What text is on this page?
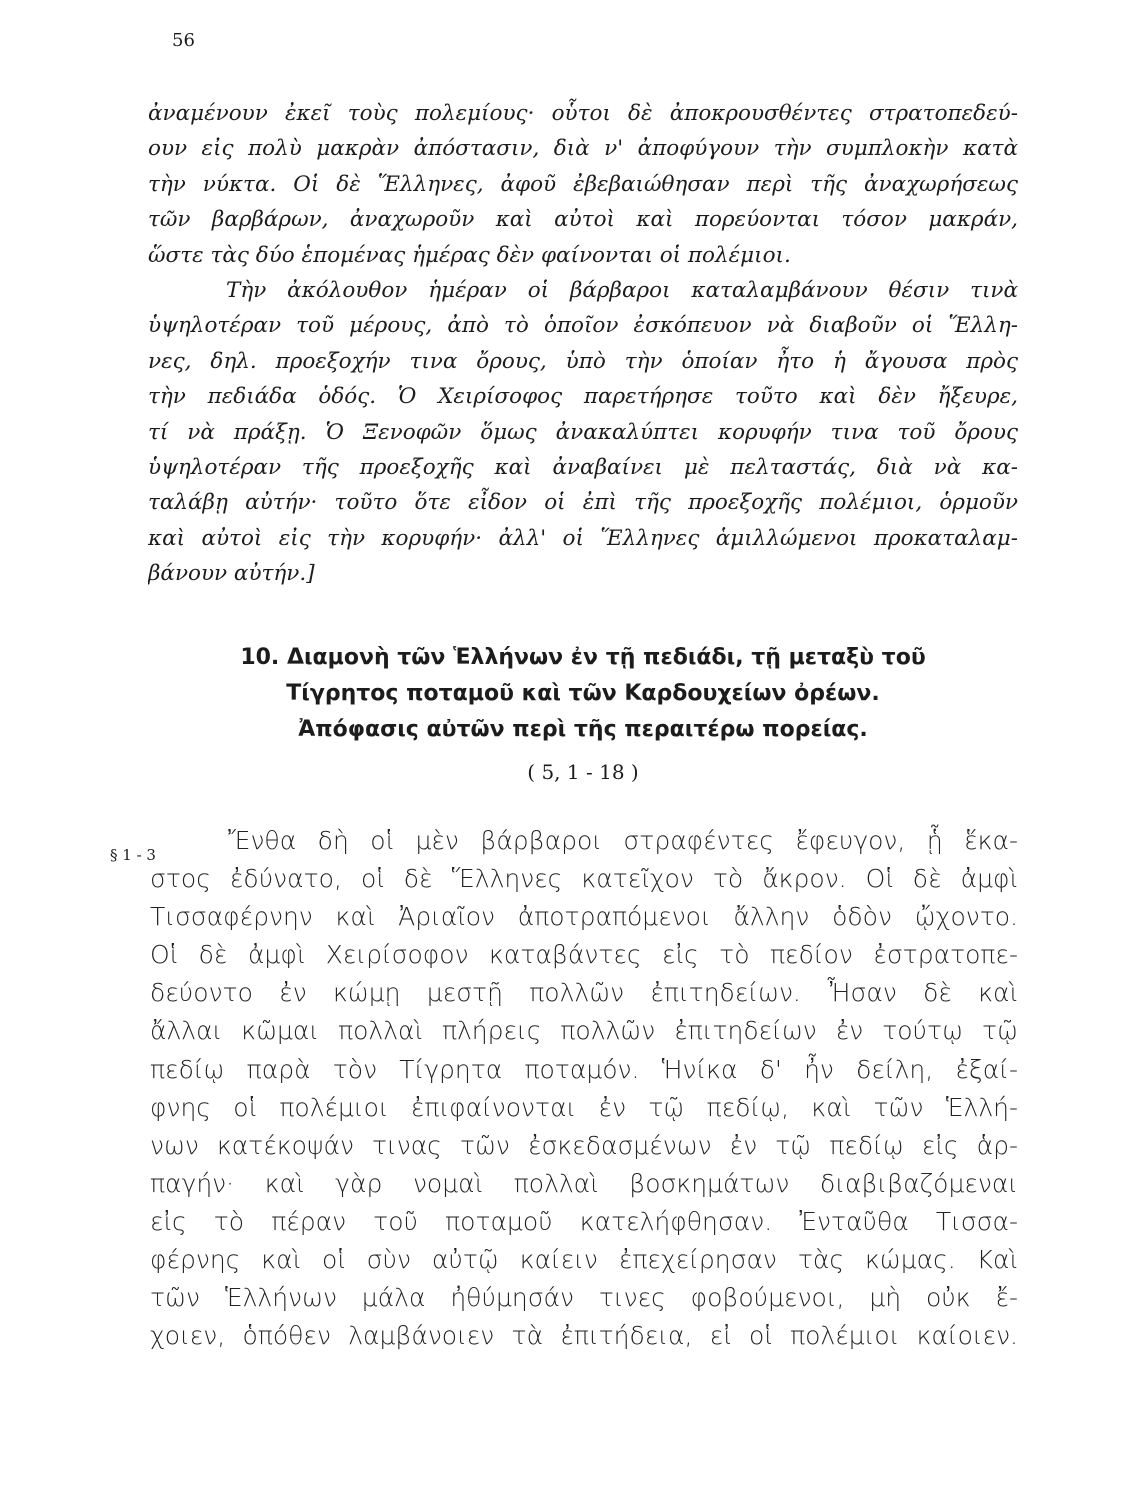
56
ἀναμένουν ἐκεῖ τοὺς πολεμίους· οὗτοι δὲ ἀποκρουσθέντες στρατοπεδεύ-
ουν εἰς πολὺ μακρὰν ἀπόστασιν, διὰ ν' ἀποφύγουν τὴν συμπλοκὴν κατὰ
τὴν νύκτα. Οἱ δὲ Ἕλληνες, ἀφοῦ ἐβεβαιώθησαν περὶ τῆς ἀναχωρήσεως
τῶν βαρβάρων, ἀναχωροῦν καὶ αὐτοὶ καὶ πορεύονται τόσον μακράν,
ὥστε τὰς δύο ἑπομένας ἡμέρας δὲν φαίνονται οἱ πολέμιοι.
Τὴν ἀκόλουθον ἡμέραν οἱ βάρβαροι καταλαμβάνουν θέσιν τινὰ
ὑψηλοτέραν τοῦ μέρους, ἀπὸ τὸ ὁποῖον ἐσκόπευον νὰ διαβοῦν οἱ Ἕλλη-
νες, δηλ. προεξοχήν τινα ὄρους, ὑπὸ τὴν ὁποίαν ἦτο ἡ ἄγουσα πρὸς
τὴν πεδιάδα ὁδός. Ὁ Χειρίσοφος παρετήρησε τοῦτο καὶ δὲν ἤξευρε,
τί νὰ πράξῃ. Ὁ Ξενοφῶν ὅμως ἀνακαλύπτει κορυφήν τινα τοῦ ὄρους
ὑψηλοτέραν τῆς προεξοχῆς καὶ ἀναβαίνει μὲ πελταστάς, διὰ νὰ κα-
ταλάβῃ αὐτήν· τοῦτο ὅτε εἶδον οἱ ἐπὶ τῆς προεξοχῆς πολέμιοι, ὁρμοῦν
καὶ αὐτοὶ εἰς τὴν κορυφήν· ἀλλ' οἱ Ἕλληνες ἁμιλλώμενοι προκαταλαμ-
βάνουν αὐτήν.]
10. Διαμονὴ τῶν Ἑλλήνων ἐν τῇ πεδιάδι, τῇ μεταξὺ τοῦ
Τίγρητος ποταμοῦ καὶ τῶν Καρδουχείων ὀρέων.
Ἀπόφασις αὐτῶν περὶ τῆς περαιτέρω πορείας.
( 5, 1 - 18 )
§ 1 - 3	Ἔνθα δὴ οἱ μὲν βάρβαροι στραφέντες ἔφευγον, ᾗ ἕκα-
στος ἐδύνατο, οἱ δὲ Ἕλληνες κατεῖχον τὸ ἄκρον. Οἱ δὲ ἀμφὶ
Τισσαφέρνην καὶ Ἀριαῖον ἀποτραπόμενοι ἄλλην ὁδὸν ᾤχοντο.
Οἱ δὲ ἀμφὶ Χειρίσοφον καταβάντες εἰς τὸ πεδίον ἐστρατοπε-
δεύοντο ἐν κώμῃ μεστῇ πολλῶν ἐπιτηδείων. Ἦσαν δὲ καὶ
ἄλλαι κῶμαι πολλαὶ πλήρεις πολλῶν ἐπιτηδείων ἐν τούτῳ τῷ
πεδίῳ παρὰ τὸν Τίγρητα ποταμόν. Ἡνίκα δ' ἦν δείλη, ἐξαί-
φνης οἱ πολέμιοι ἐπιφαίνονται ἐν τῷ πεδίῳ, καὶ τῶν Ἑλλή-
νων κατέκοψάν τινας τῶν ἐσκεδασμένων ἐν τῷ πεδίῳ εἰς ἁρ-
παγήν· καὶ γὰρ νομαὶ πολλαὶ βοσκημάτων διαβιβαζόμεναι
εἰς τὸ πέραν τοῦ ποταμοῦ κατελήφθησαν. Ἐνταῦθα Τισσα-
φέρνης καὶ οἱ σὺν αὐτῷ καίειν ἐπεχείρησαν τὰς κώμας. Καὶ
τῶν Ἑλλήνων μάλα ἠθύμησάν τινες φοβούμενοι, μὴ οὐκ ἔ-
χοιεν, ὁπόθεν λαμβάνοιεν τὰ ἐπιτήδεια, εἰ οἱ πολέμιοι καίοιεν.
